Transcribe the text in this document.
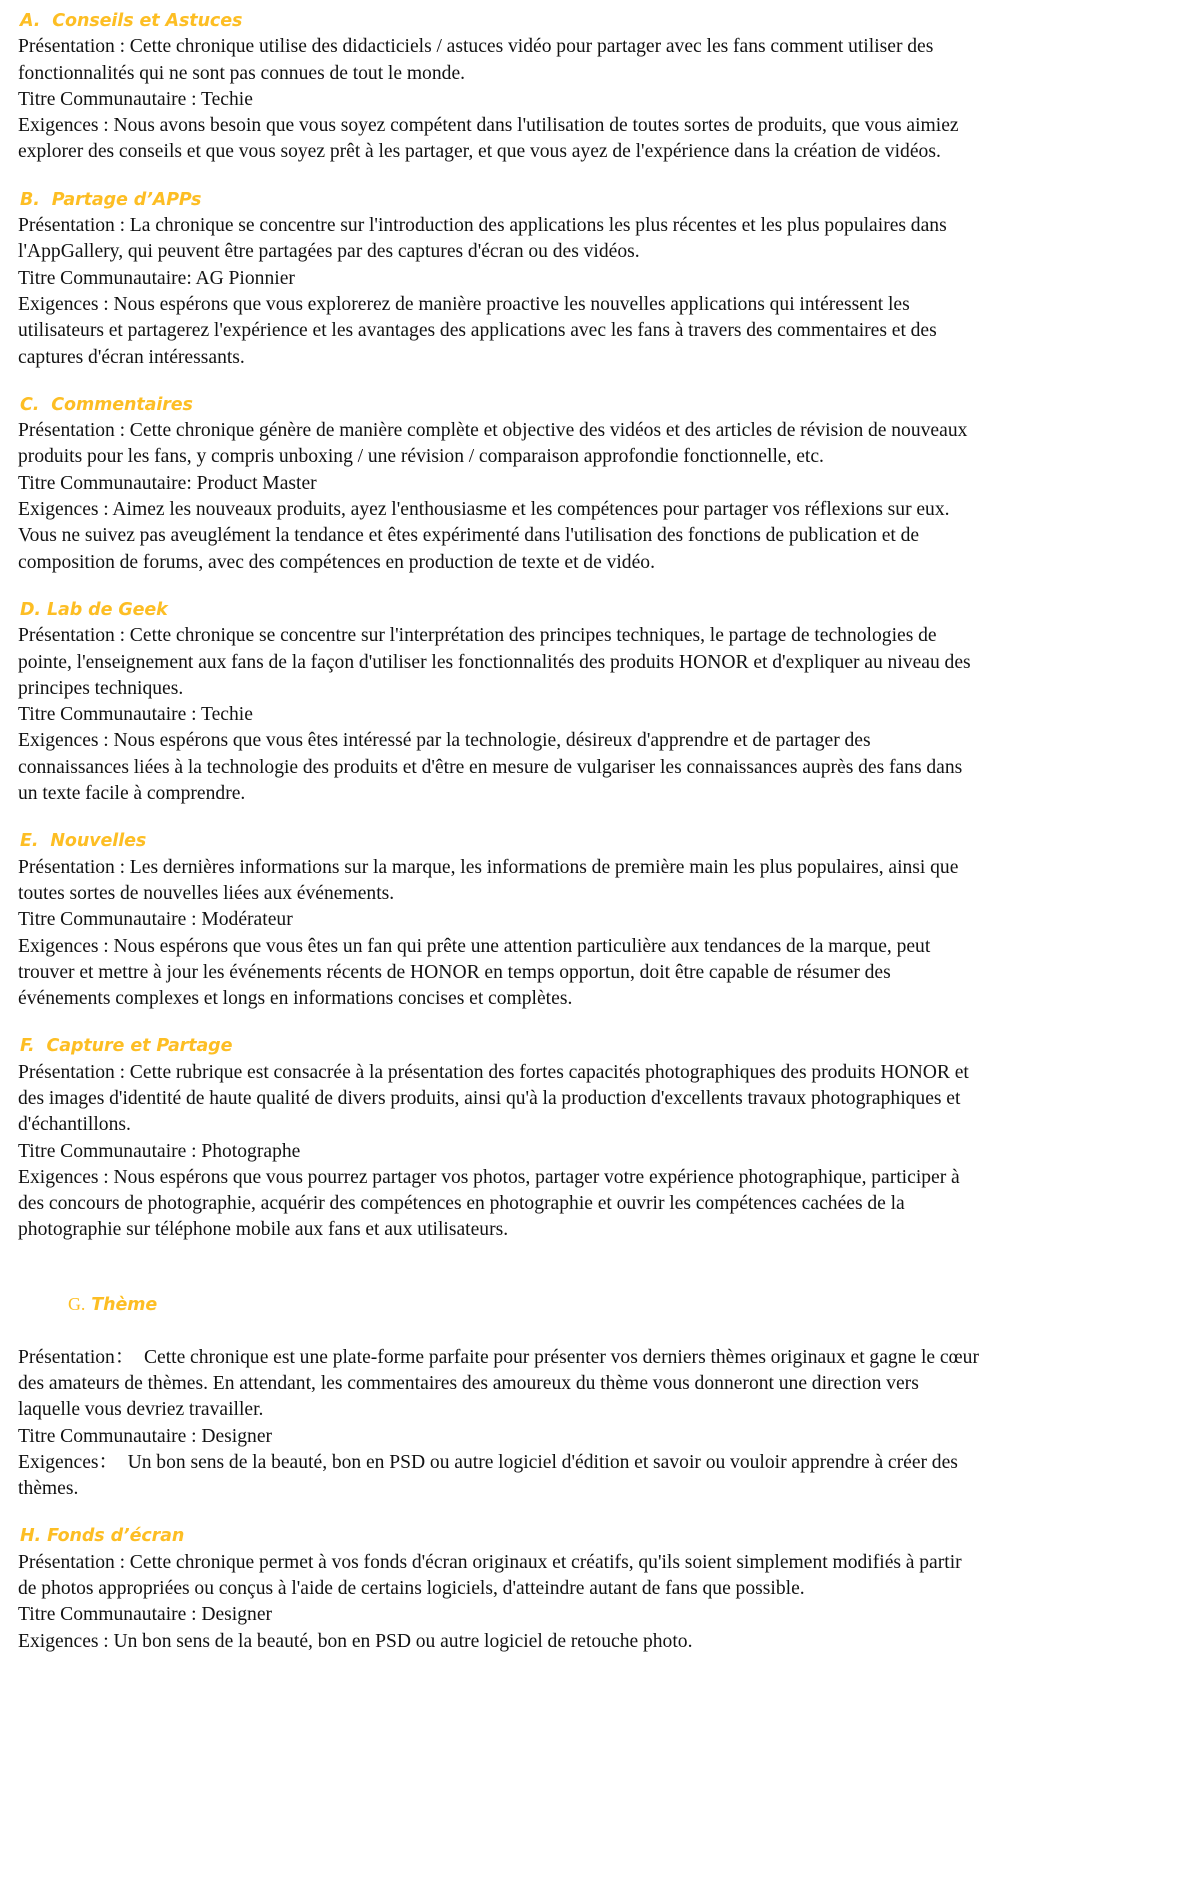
A.  Conseils et Astuces
Présentation : Cette chronique utilise des didacticiels / astuces vidéo pour partager avec les fans comment utiliser des
fonctionnalités qui ne sont pas connues de tout le monde.
Titre Communautaire : Techie
Exigences : Nous avons besoin que vous soyez compétent dans l'utilisation de toutes sortes de produits, que vous aimiez
explorer des conseils et que vous soyez prêt à les partager, et que vous ayez de l'expérience dans la création de vidéos.
B.  Partage d’APPs
Présentation : La chronique se concentre sur l'introduction des applications les plus récentes et les plus populaires dans
l'AppGallery, qui peuvent être partagées par des captures d'écran ou des vidéos.
Titre Communautaire: AG Pionnier
Exigences : Nous espérons que vous explorerez de manière proactive les nouvelles applications qui intéressent les
utilisateurs et partagerez l'expérience et les avantages des applications avec les fans à travers des commentaires et des
captures d'écran intéressants.
C.  Commentaires
Présentation : Cette chronique génère de manière complète et objective des vidéos et des articles de révision de nouveaux
produits pour les fans, y compris unboxing / une révision / comparaison approfondie fonctionnelle, etc.
Titre Communautaire: Product Master
Exigences : Aimez les nouveaux produits, ayez l'enthousiasme et les compétences pour partager vos réflexions sur eux.
Vous ne suivez pas aveuglément la tendance et êtes expérimenté dans l'utilisation des fonctions de publication et de
composition de forums, avec des compétences en production de texte et de vidéo.
D. Lab de Geek
Présentation : Cette chronique se concentre sur l'interprétation des principes techniques, le partage de technologies de
pointe, l'enseignement aux fans de la façon d'utiliser les fonctionnalités des produits HONOR et d'expliquer au niveau des
principes techniques.
Titre Communautaire : Techie
Exigences : Nous espérons que vous êtes intéressé par la technologie, désireux d'apprendre et de partager des
connaissances liées à la technologie des produits et d'être en mesure de vulgariser les connaissances auprès des fans dans
un texte facile à comprendre.
E.  Nouvelles
Présentation : Les dernières informations sur la marque, les informations de première main les plus populaires, ainsi que
toutes sortes de nouvelles liées aux événements.
Titre Communautaire : Modérateur
Exigences : Nous espérons que vous êtes un fan qui prête une attention particulière aux tendances de la marque, peut
trouver et mettre à jour les événements récents de HONOR en temps opportun, doit être capable de résumer des
événements complexes et longs en informations concises et complètes.
F.  Capture et Partage
Présentation : Cette rubrique est consacrée à la présentation des fortes capacités photographiques des produits HONOR et
des images d'identité de haute qualité de divers produits, ainsi qu'à la production d'excellents travaux photographiques et
d'échantillons.
Titre Communautaire : Photographe
Exigences : Nous espérons que vous pourrez partager vos photos, partager votre expérience photographique, participer à
des concours de photographie, acquérir des compétences en photographie et ouvrir les compétences cachées de la
photographie sur téléphone mobile aux fans et aux utilisateurs.

G. Thème

Présentation：  Cette chronique est une plate-forme parfaite pour présenter vos derniers thèmes originaux et gagne le cœur
des amateurs de thèmes. En attendant, les commentaires des amoureux du thème vous donneront une direction vers
laquelle vous devriez travailler.
Titre Communautaire : Designer
Exigences：  Un bon sens de la beauté, bon en PSD ou autre logiciel d'édition et savoir ou vouloir apprendre à créer des
thèmes.
H. Fonds d’écran
Présentation : Cette chronique permet à vos fonds d'écran originaux et créatifs, qu'ils soient simplement modifiés à partir
de photos appropriées ou conçus à l'aide de certains logiciels, d'atteindre autant de fans que possible.
Titre Communautaire : Designer
Exigences : Un bon sens de la beauté, bon en PSD ou autre logiciel de retouche photo.
